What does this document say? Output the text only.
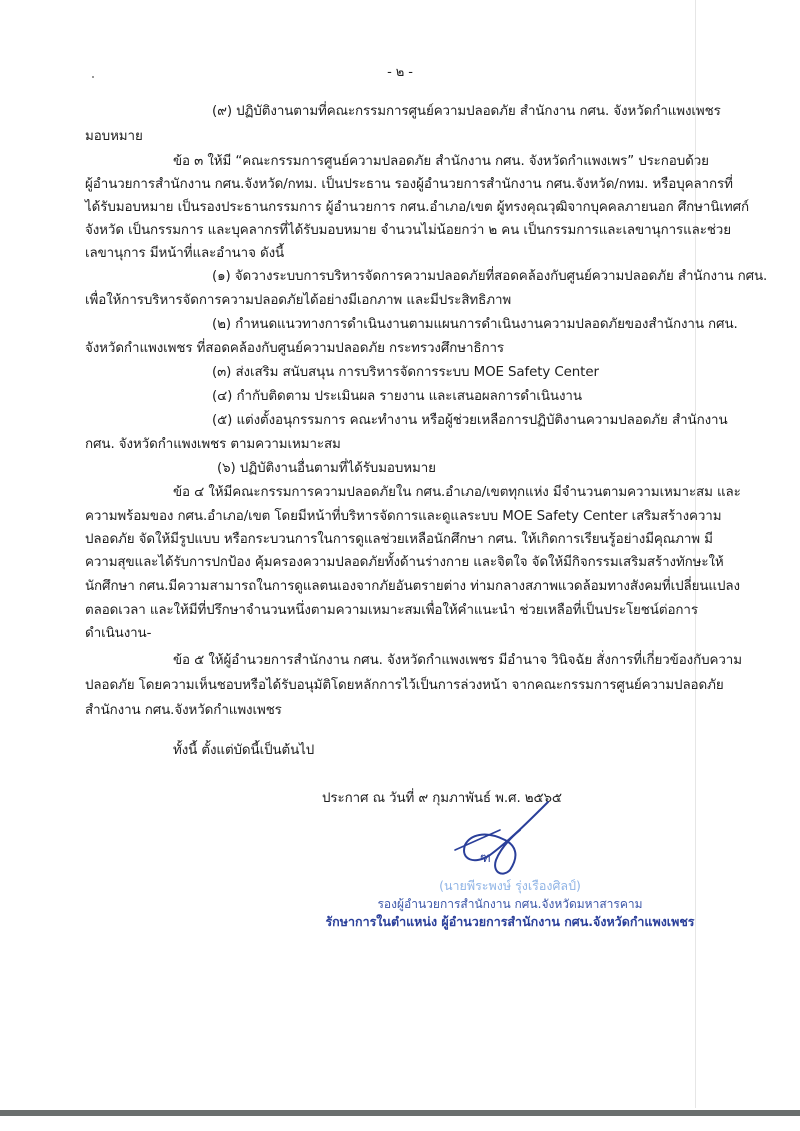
- ๒ -
(๙) ปฏิบัติงานตามที่คณะกรรมการศูนย์ความปลอดภัย สำนักงาน กศน. จังหวัดกำแพงเพชร
มอบหมาย
ข้อ ๓ ให้มี “คณะกรรมการศูนย์ความปลอดภัย สำนักงาน กศน. จังหวัดกำแพงเพร” ประกอบด้วย
ผู้อำนวยการสำนักงาน กศน.จังหวัด/กทม. เป็นประธาน รองผู้อำนวยการสำนักงาน กศน.จังหวัด/กทม. หรือบุคลากรที่
ได้รับมอบหมาย เป็นรองประธานกรรมการ ผู้อำนวยการ กศน.อำเภอ/เขต ผู้ทรงคุณวุฒิจากบุคคลภายนอก ศึกษานิเทศก์
จังหวัด เป็นกรรมการ และบุคลากรที่ได้รับมอบหมาย จำนวนไม่น้อยกว่า ๒ คน เป็นกรรมการและเลขานุการและช่วย
เลขานุการ มีหน้าที่และอำนาจ ดังนี้
(๑) จัดวางระบบการบริหารจัดการความปลอดภัยที่สอดคล้องกับศูนย์ความปลอดภัย สำนักงาน กศน.
เพื่อให้การบริหารจัดการความปลอดภัยได้อย่างมีเอกภาพ และมีประสิทธิภาพ
(๒) กำหนดแนวทางการดำเนินงานตามแผนการดำเนินงานความปลอดภัยของสำนักงาน กศน.
จังหวัดกำแพงเพชร ที่สอดคล้องกับศูนย์ความปลอดภัย กระทรวงศึกษาธิการ
(๓) ส่งเสริม สนับสนุน การบริหารจัดการระบบ MOE Safety Center
(๔) กำกับติดตาม ประเมินผล รายงาน และเสนอผลการดำเนินงาน
(๕) แต่งตั้งอนุกรรมการ คณะทำงาน หรือผู้ช่วยเหลือการปฏิบัติงานความปลอดภัย สำนักงาน
กศน. จังหวัดกำแพงเพชร ตามความเหมาะสม
(๖) ปฏิบัติงานอื่นตามที่ได้รับมอบหมาย
ข้อ ๔ ให้มีคณะกรรมการความปลอดภัยใน กศน.อำเภอ/เขตทุกแห่ง มีจำนวนตามความเหมาะสม และ
ความพร้อมของ กศน.อำเภอ/เขต โดยมีหน้าที่บริหารจัดการและดูแลระบบ MOE Safety Center เสริมสร้างความ
ปลอดภัย จัดให้มีรูปแบบ หรือกระบวนการในการดูแลช่วยเหลือนักศึกษา กศน. ให้เกิดการเรียนรู้อย่างมีคุณภาพ มี
ความสุขและได้รับการปกป้อง คุ้มครองความปลอดภัยทั้งด้านร่างกาย และจิตใจ จัดให้มีกิจกรรมเสริมสร้างทักษะให้
นักศึกษา กศน.มีความสามารถในการดูแลตนเองจากภัยอันตรายต่าง ท่ามกลางสภาพแวดล้อมทางสังคมที่เปลี่ยนแปลง
ตลอดเวลา และให้มีที่ปรึกษาจำนวนหนึ่งตามความเหมาะสมเพื่อให้คำแนะนำ ช่วยเหลือที่เป็นประโยชน์ต่อการ
ดำเนินงาน-
ข้อ ๕ ให้ผู้อำนวยการสำนักงาน กศน. จังหวัดกำแพงเพชร มีอำนาจ วินิจฉัย สั่งการที่เกี่ยวข้องกับความ
ปลอดภัย โดยความเห็นชอบหรือได้รับอนุมัติโดยหลักการไว้เป็นการล่วงหน้า จากคณะกรรมการศูนย์ความปลอดภัย
สำนักงาน กศน.จังหวัดกำแพงเพชร
ทั้งนี้ ตั้งแต่บัดนี้เป็นต้นไป
ประกาศ ณ วันที่ ๙ กุมภาพันธ์ พ.ศ. ๒๕๖๕
ฑ
(นายพีระพงษ์ รุ่งเรืองศิลป์)
รองผู้อำนวยการสำนักงาน กศน.จังหวัดมหาสารคาม
รักษาการในตำแหน่ง ผู้อำนวยการสำนักงาน กศน.จังหวัดกำแพงเพชร
